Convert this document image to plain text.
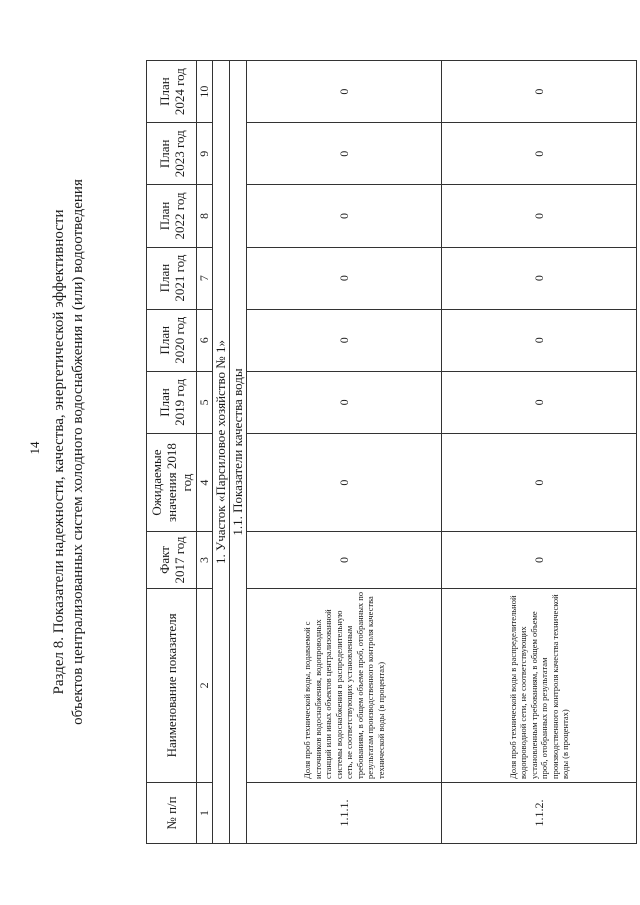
14 Раздел 8. Показатели надежности, качества, энергетической эффективности объектов централизованных систем холодного водоснабжения и (или) водоотведения
№ п/п	Наименование показателя	Факт 2017 год	Ожидаемые значения 2018 год	План 2019 год	План 2020 год	План 2021 год	План 2022 год	План 2023 год	План 2024 год
1	2	3	4	5	6	7	8	9	10
1. Участок «Парсиловое хозяйство № 1»									
1.1. Показатели качества воды									
1.1.1.	Доля проб технической воды, подаваемой с источников водоснабжения, водопроводных станций или иных объектов централизованной системы водоснабжения в распределительную сеть, не соответствующих установленным требованиям, в общем объеме проб, отобранных по результатам производственного контроля качества технической воды (в процентах)	0	0	0	0	0	0	0	0
1.1.2.	Доля проб технической воды в распределительной водопроводной сети, не соответствующих установленным требованиям, в общем объеме проб, отобранных по результатам производственного контроля качества технической воды (в процентах)	0	0	0	0	0	0	0	0
